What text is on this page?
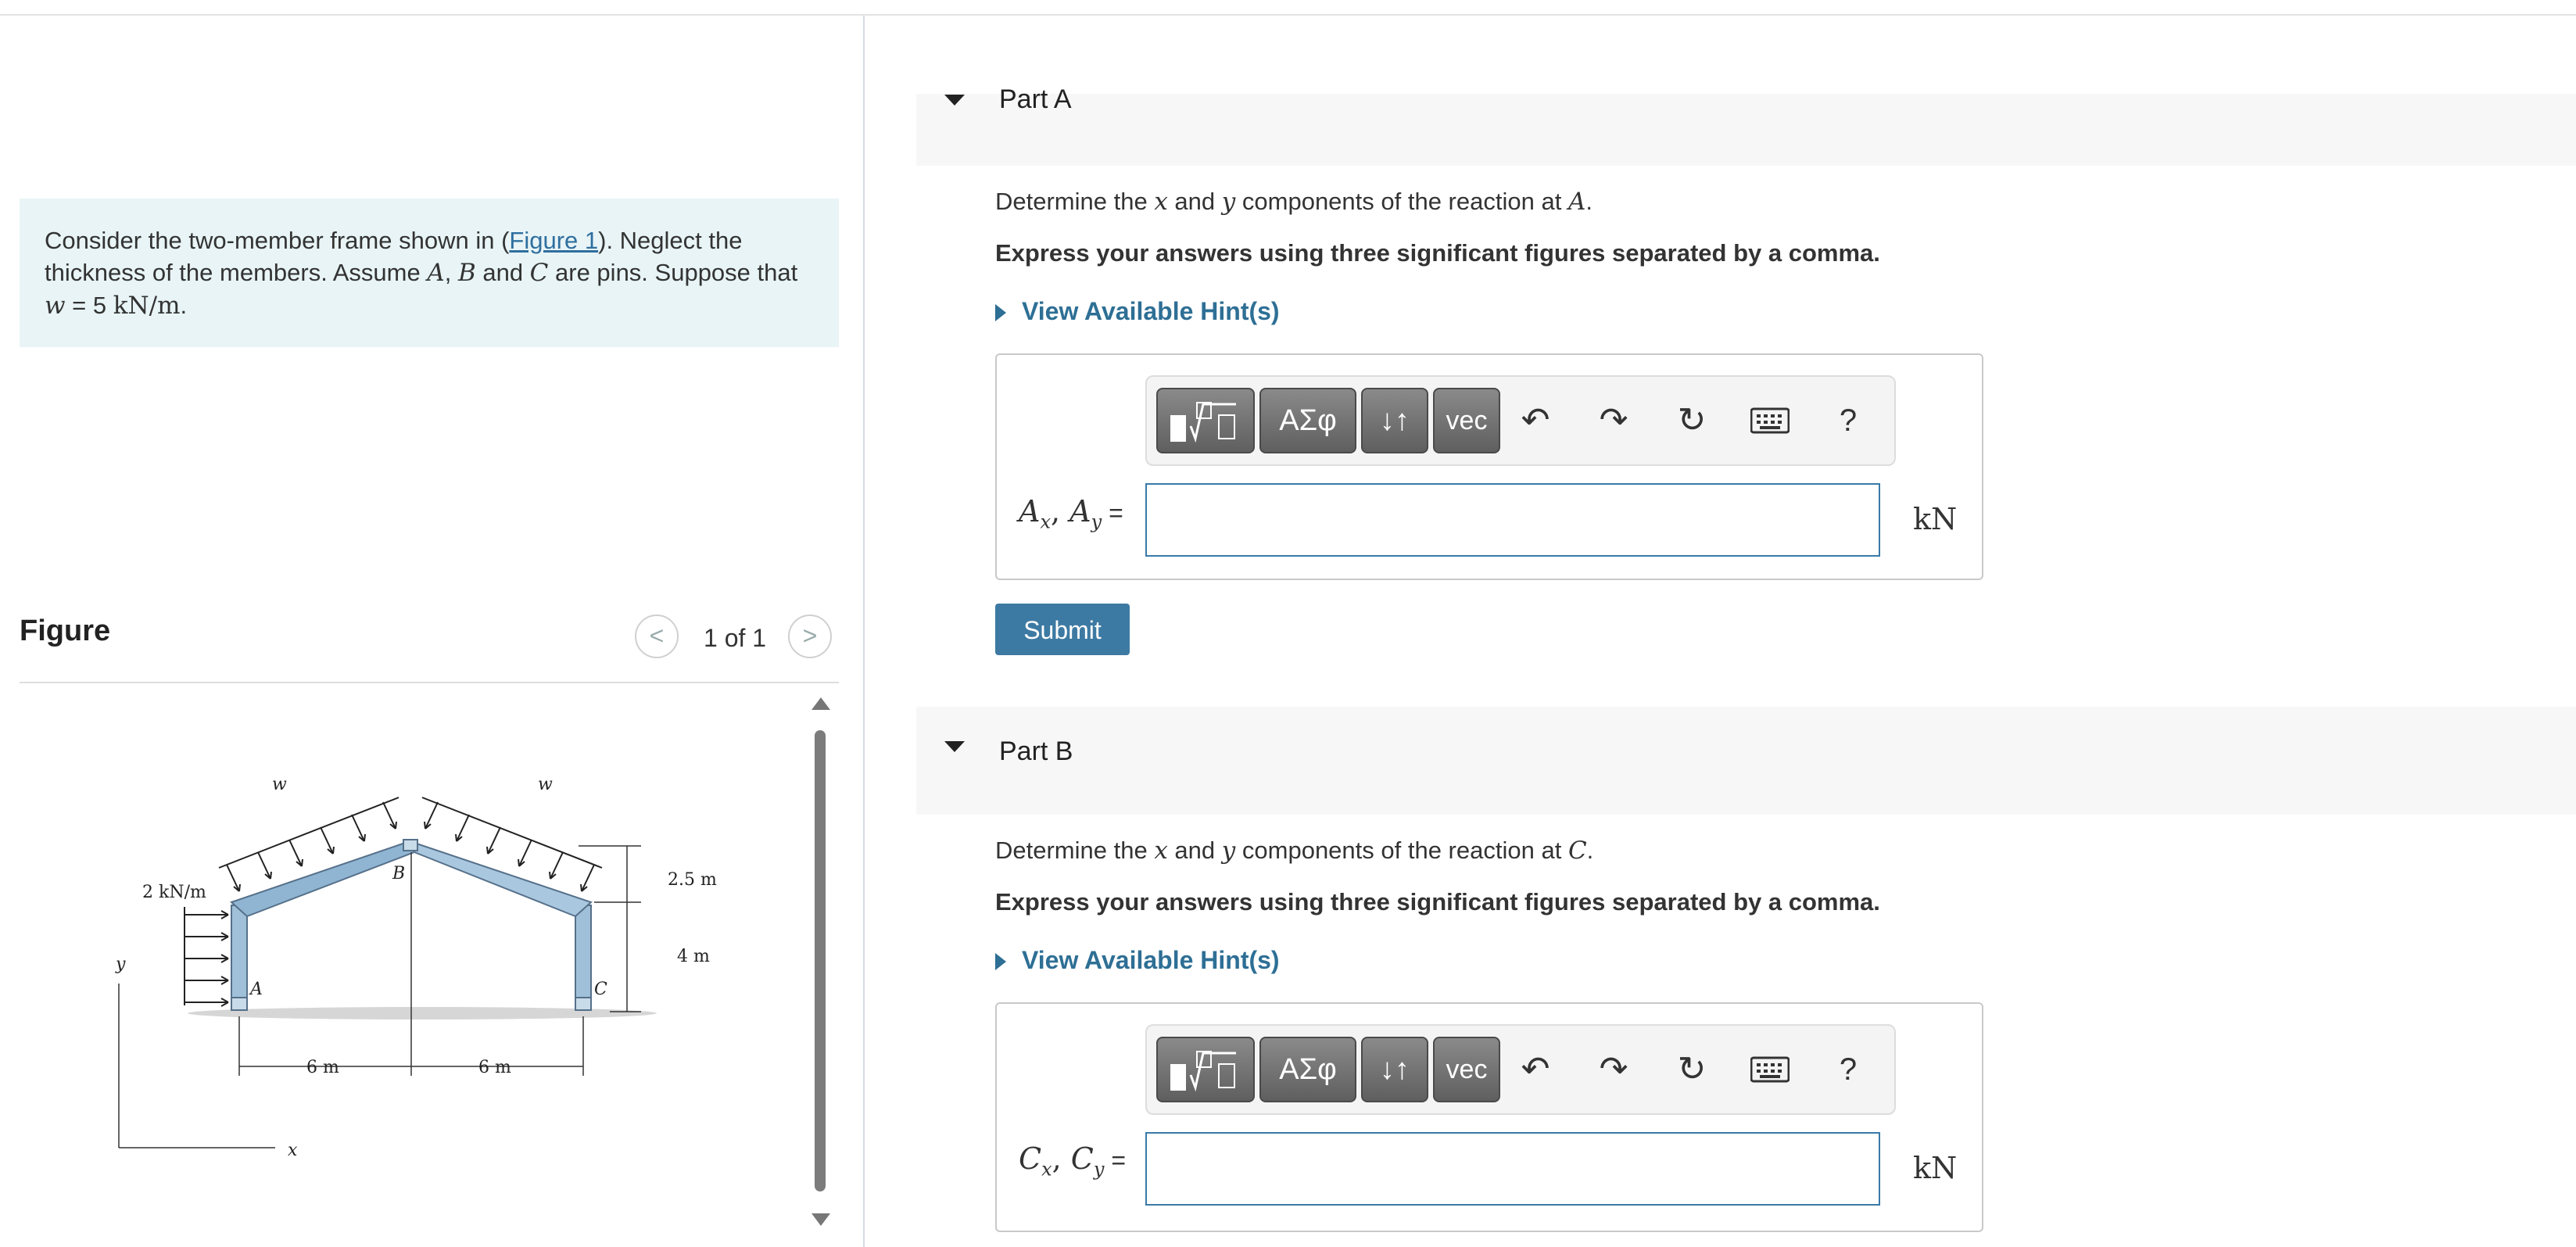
Consider the two-member frame shown in (Figure 1). Neglect the thickness of the members. Assume A, B and C are pins. Suppose that w = 5 kN/m.
Figure	<	1 of 1	>
w	w
2 kN/m
B
A	C
2.5 m
4 m
6 m	6 m
y
x
Part A
Determine the x and y components of the reaction at A.
Express your answers using three significant figures separated by a comma.
View Available Hint(s)
ΑΣφ	↓↑	vec ↶	↷	↻	?
$A_x$, $A_y$ =	kN
Submit
Part B
Determine the x and y components of the reaction at C.
Express your answers using three significant figures separated by a comma.
View Available Hint(s)
ΑΣφ	↓↑	vec ↶	↷	↻	?
$C_x$, $C_y$ =	kN
